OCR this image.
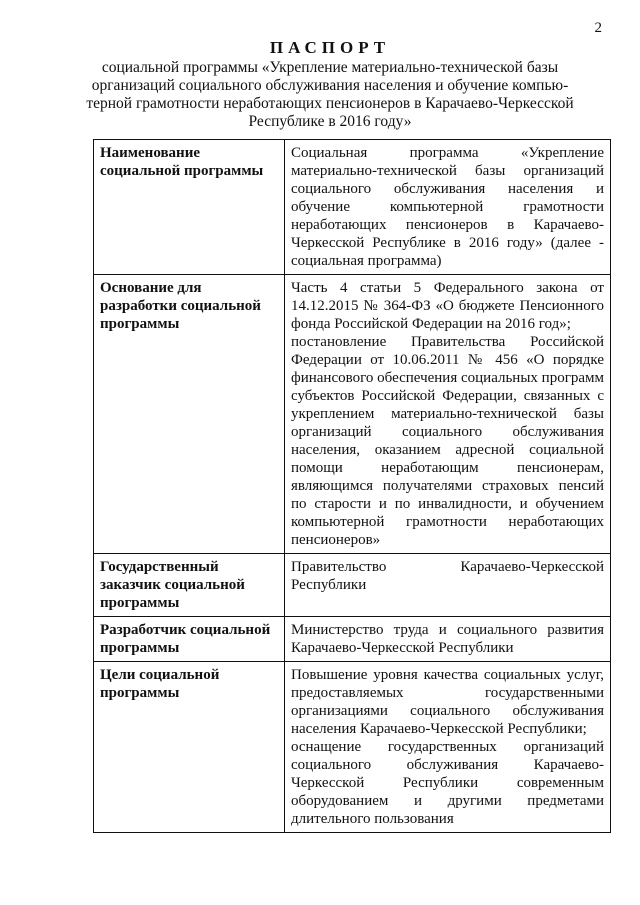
2
ПАСПОРТ
социальной программы «Укрепление материально-технической базы
организаций социального обслуживания населения и обучение компью-
терной грамотности неработающих пенсионеров в Карачаево-Черкесской
Республике в 2016 году»
Наименование социальной программы	Социальная программа «Укрепление материально-технической базы организаций социального обслуживания населения и обучение компьютерной грамотности неработающих пенсионеров в Карачаево-Черкесской Республике в 2016 году» (далее - социальная программа)

Основание для разработки социальной программы	Часть 4 статьи 5 Федерального закона от 14.12.2015 № 364-ФЗ «О бюджете Пенсионного фонда Российской Федерации на 2016 год»;
постановление Правительства Российской Федерации от 10.06.2011 № 456 «О порядке финансового обеспечения социальных программ субъектов Российской Федерации, связанных с укреплением материально-технической базы организаций социального обслуживания населения, оказанием адресной социальной помощи неработающим пенсионерам, являющимся получателями страховых пенсий по старости и по инвалидности, и обучением компьютерной грамотности неработающих пенсионеров»

Государственный заказчик социальной программы	Правительство Карачаево-Черкесской Республики

Разработчик социальной программы	Министерство труда и социального развития Карачаево-Черкесской Республики

Цели социальной программы	Повышение уровня качества социальных услуг, предоставляемых государственными организациями социального обслуживания населения Карачаево-Черкесской Республики;
оснащение государственных организаций социального обслуживания Карачаево-Черкесской Республики современным оборудованием и другими предметами длительного пользования
